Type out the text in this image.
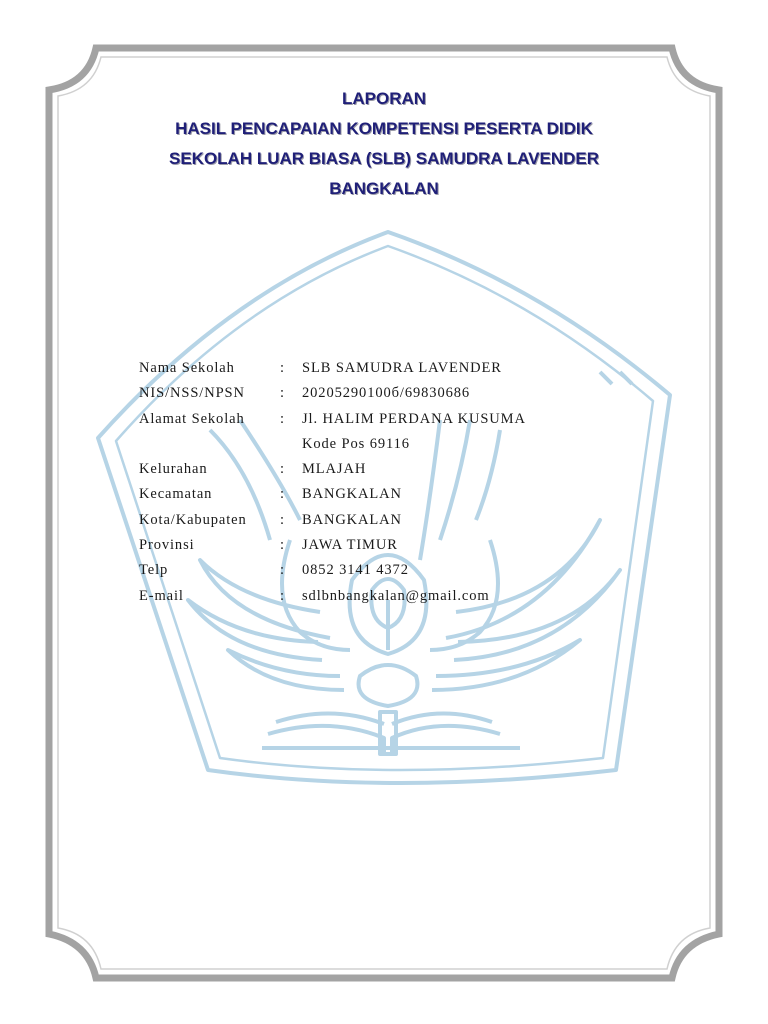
LAPORAN
HASIL PENCAPAIAN KOMPETENSI PESERTA DIDIK
SEKOLAH LUAR BIASA (SLB) SAMUDRA LAVENDER
BANGKALAN
Nama Sekolah	: SLB SAMUDRA LAVENDER
NIS/NSS/NPSN : 20205290100б/69830686
Alamat Sekolah : Jl. HALIM PERDANA KUSUMA
Kode Pos 69116
Kelurahan	: MLAJAH
Kecamatan	: BANGKALAN
Kota/Kabupaten : BANGKALAN
Provinsi	: JAWA TIMUR
Telp	: 0852 3141 4372
E-mail	: sdlbnbangkalan@gmail.com
